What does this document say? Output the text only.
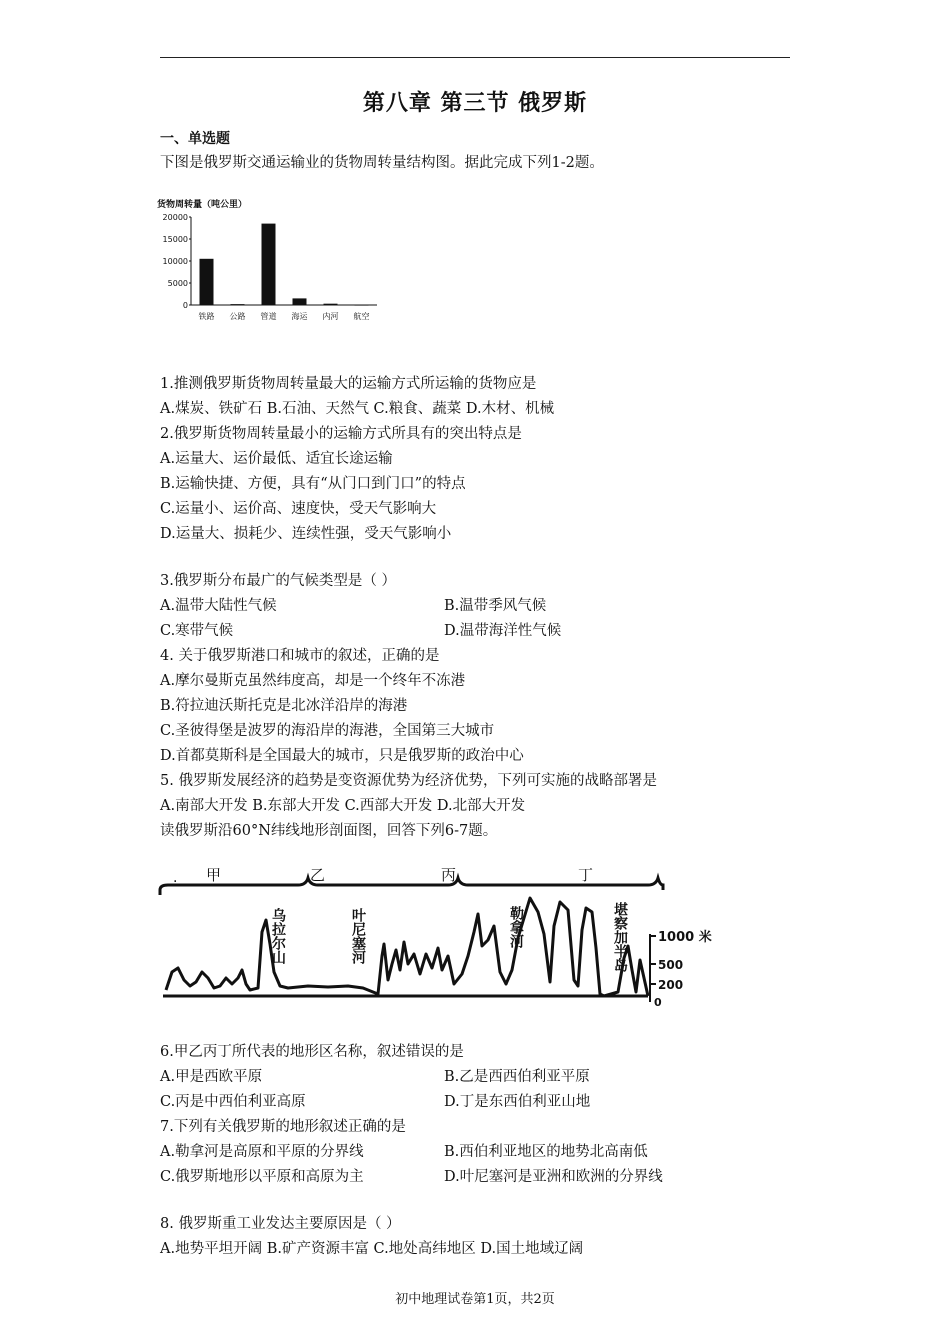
第八章 第三节 俄罗斯
一、单选题
下图是俄罗斯交通运输业的货物周转量结构图。据此完成下列1-2题。
货物周转量（吨公里）
20000
15000
10000
5000
0
铁路 公路 管道 海运 内河 航空
1.推测俄罗斯货物周转量最大的运输方式所运输的货物应是
A.煤炭、铁矿石 B.石油、天然气 C.粮食、蔬菜 D.木材、机械
2.俄罗斯货物周转量最小的运输方式所具有的突出特点是
A.运量大、运价最低、适宜长途运输
B.运输快捷、方便，具有“从门口到门口”的特点
C.运量小、运价高、速度快，受天气影响大
D.运量大、损耗少、连续性强，受天气影响小
3.俄罗斯分布最广的气候类型是（ ）
A.温带大陆性气候	B.温带季风气候
C.寒带气候	D.温带海洋性气候
4. 关于俄罗斯港口和城市的叙述，正确的是
A.摩尔曼斯克虽然纬度高，却是一个终年不冻港
B.符拉迪沃斯托克是北冰洋沿岸的海港
C.圣彼得堡是波罗的海沿岸的海港，全国第三大城市
D.首都莫斯科是全国最大的城市，只是俄罗斯的政治中心
5. 俄罗斯发展经济的趋势是变资源优势为经济优势，下列可实施的战略部署是
A.南部大开发 B.东部大开发 C.西部大开发 D.北部大开发
读俄罗斯沿60°N纬线地形剖面图，回答下列6-7题。
. 甲	乙	丙	丁
乌拉尔山	叶尼塞河	勒拿河	堪察加半岛 1000 米
500
200
0
6.甲乙丙丁所代表的地形区名称，叙述错误的是
A.甲是西欧平原	B.乙是西西伯利亚平原
C.丙是中西伯利亚高原	D.丁是东西伯利亚山地
7.下列有关俄罗斯的地形叙述正确的是
A.勒拿河是高原和平原的分界线	B.西伯利亚地区的地势北高南低
C.俄罗斯地形以平原和高原为主	D.叶尼塞河是亚洲和欧洲的分界线
8. 俄罗斯重工业发达主要原因是（ ）
A.地势平坦开阔 B.矿产资源丰富 C.地处高纬地区 D.国土地域辽阔
初中地理试卷第1页，共2页
